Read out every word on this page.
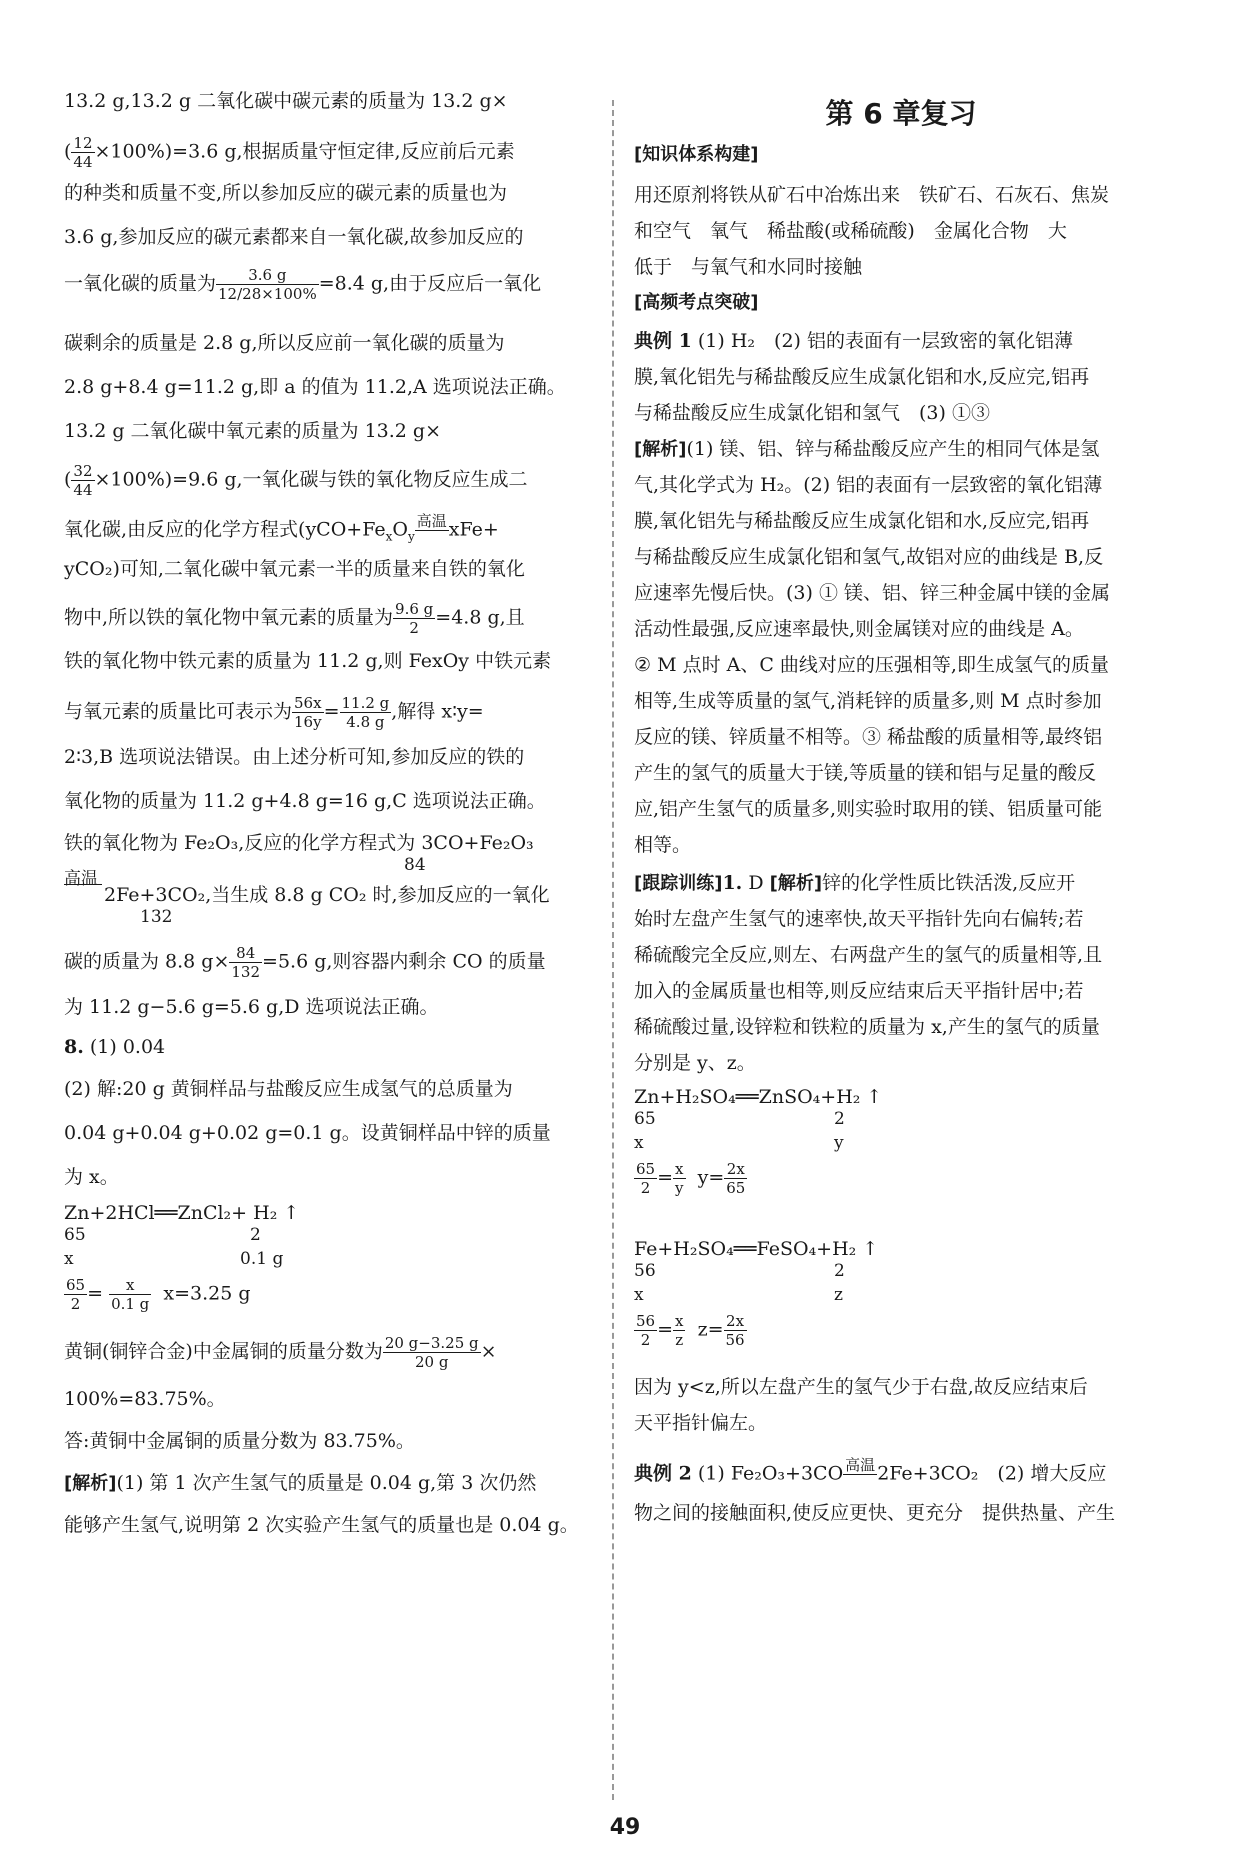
13.2 g,13.2 g 二氧化碳中碳元素的质量为 13.2 g×
( $\frac{12}{44} \times 100\%)=3.6$ g,根据质量守恒定律,反应前后元素
的种类和质量不变,所以参加反应的碳元素的质量也为
3.6 g,参加反应的碳元素都来自一氧化碳,故参加反应的
一氧化碳的质量为 $\frac{3.6 g}{12/28\times 100\%} =8.4$ g,由于反应后一氧化
碳剩余的质量是 2.8 g,所以反应前一氧化碳的质量为
2.8 g+8.4 g=11.2 g,即 a 的值为 11.2,A 选项说法正确。
13.2 g 二氧化碳中氧元素的质量为 13.2 g×
( $\frac{32}{44} \times 100\%)=9.6$ g,一氧化碳与铁的氧化物反应生成二
氧化碳,由反应的化学方程式($yCO+Fe_xO_y$
高温 xFe+
yCO₂)可知,二氧化碳中氧元素一半的质量来自铁的氧化
物中,所以铁的氧化物中氧元素的质量为 $\frac{9.6 g}{2} =4.8$ g,且
铁的氧化物中铁元素的质量为 11.2 g,则 FexOy 中铁元素
与氧元素的质量比可表示为 $\frac{56x}{16y} = \frac{11.2 g}{4.8 g}$ ,解得 x∶y=
2∶3,B 选项说法错误。由上述分析可知,参加反应的铁的
氧化物的质量为 11.2 g+4.8 g=16 g,C 选项说法正确。
铁的氧化物为 Fe₂O₃,反应的化学方程式为 3CO+Fe₂O₃
84
高温
2Fe+3CO₂,当生成 8.8 g CO₂ 时,参加反应的一氧化
132
碳的质量为 8.8 $g\times \frac{84}{132} =5.6$ g,则容器内剩余 CO 的质量
为 11.2 g−5.6 g=5.6 g,D 选项说法正确。
8. (1) 0.04
(2) 解:20 g 黄铜样品与盐酸反应生成氢气的总质量为
0.04 g+0.04 g+0.02 g=0.1 g。设黄铜样品中锌的质量
为 x。
Zn+2HCl══ZnCl₂+ H₂ ↑
65	2
x	0.1 g
$\frac{65}{2} = \frac{x}{0.1 g} x=3.25$ g
黄铜(铜锌合金)中金属铜的质量分数为 $\frac{20 g-3.25 g}{20 g}$ ×
100%=83.75%。
答:黄铜中金属铜的质量分数为 83.75%。
[解析](1) 第 1 次产生氢气的质量是 0.04 g,第 3 次仍然
能够产生氢气,说明第 2 次实验产生氢气的质量也是 0.04 g。
第 6 章复习
[知识体系构建]
用还原剂将铁从矿石中冶炼出来　铁矿石、石灰石、焦炭
和空气　氧气　稀盐酸(或稀硫酸)　金属化合物　大
低于　与氧气和水同时接触
[高频考点突破]
典例 1 (1) H₂　(2) 铝的表面有一层致密的氧化铝薄
膜,氧化铝先与稀盐酸反应生成氯化铝和水,反应完,铝再
与稀盐酸反应生成氯化铝和氢气　(3) ①③
[解析](1) 镁、铝、锌与稀盐酸反应产生的相同气体是氢
气,其化学式为 H₂。(2) 铝的表面有一层致密的氧化铝薄
膜,氧化铝先与稀盐酸反应生成氯化铝和水,反应完,铝再
与稀盐酸反应生成氯化铝和氢气,故铝对应的曲线是 B,反
应速率先慢后快。(3) ① 镁、铝、锌三种金属中镁的金属
活动性最强,反应速率最快,则金属镁对应的曲线是 A。
② M 点时 A、C 曲线对应的压强相等,即生成氢气的质量
相等,生成等质量的氢气,消耗锌的质量多,则 M 点时参加
反应的镁、锌质量不相等。③ 稀盐酸的质量相等,最终铝
产生的氢气的质量大于镁,等质量的镁和铝与足量的酸反
应,铝产生氢气的质量多,则实验时取用的镁、铝质量可能
相等。
[跟踪训练]1. D [解析]锌的化学性质比铁活泼,反应开
始时左盘产生氢气的速率快,故天平指针先向右偏转;若
稀硫酸完全反应,则左、右两盘产生的氢气的质量相等,且
加入的金属质量也相等,则反应结束后天平指针居中;若
稀硫酸过量,设锌粒和铁粒的质量为 x,产生的氢气的质量
分别是 y、z。
Zn+H₂SO₄══ZnSO₄+H₂ ↑
65	2
x	y
$\frac{65}{2} = \frac{x}{y} y= \frac{2x}{65}$
Fe+H₂SO₄══FeSO₄+H₂ ↑
56	2
x	z
$\frac{56}{2} = \frac{x}{z} z= \frac{2x}{56}$
因为 y<z,所以左盘产生的氢气少于右盘,故反应结束后
天平指针偏左。
典例 2 (1) Fe₂O₃+3CO 高温 2Fe+3CO₂　(2) 增大反应
物之间的接触面积,使反应更快、更充分　提供热量、产生
49
